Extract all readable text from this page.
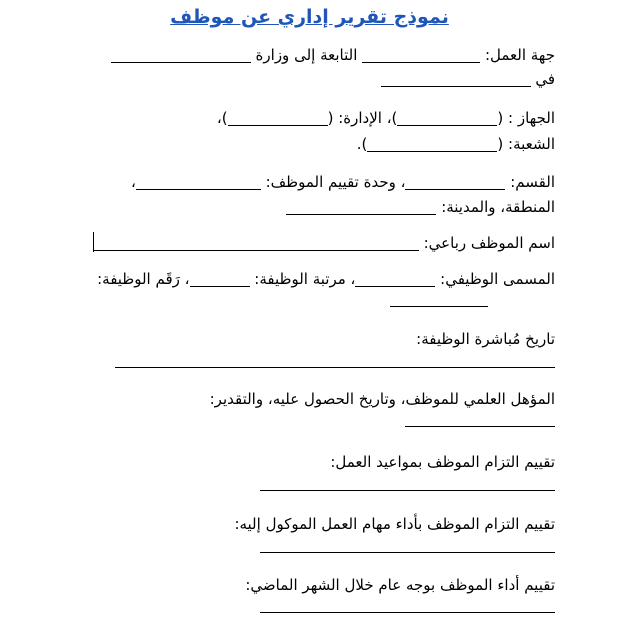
نموذج تقرير إداري عن موظف
جهة العمل:  التابعة إلى وزارة
في
الجهاز : ()، الإدارة: ()،
الشعبة: ().
القسم: ، وحدة تقييم الموظف: ،
المنطقة، والمدينة:
اسم الموظف رباعي:
المسمى الوظيفي: ، مرتبة الوظيفة: ، رَقَم الوظيفة:
تاريخ مُباشرة الوظيفة:
المؤهل العلمي للموظف، وتاريخ الحصول عليه، والتقدير:
تقييم التزام الموظف بمواعيد العمل:
تقييم التزام الموظف بأداء مهام العمل الموكول إليه:
تقييم أداء الموظف بوجه عام خلال الشهر الماضي:
